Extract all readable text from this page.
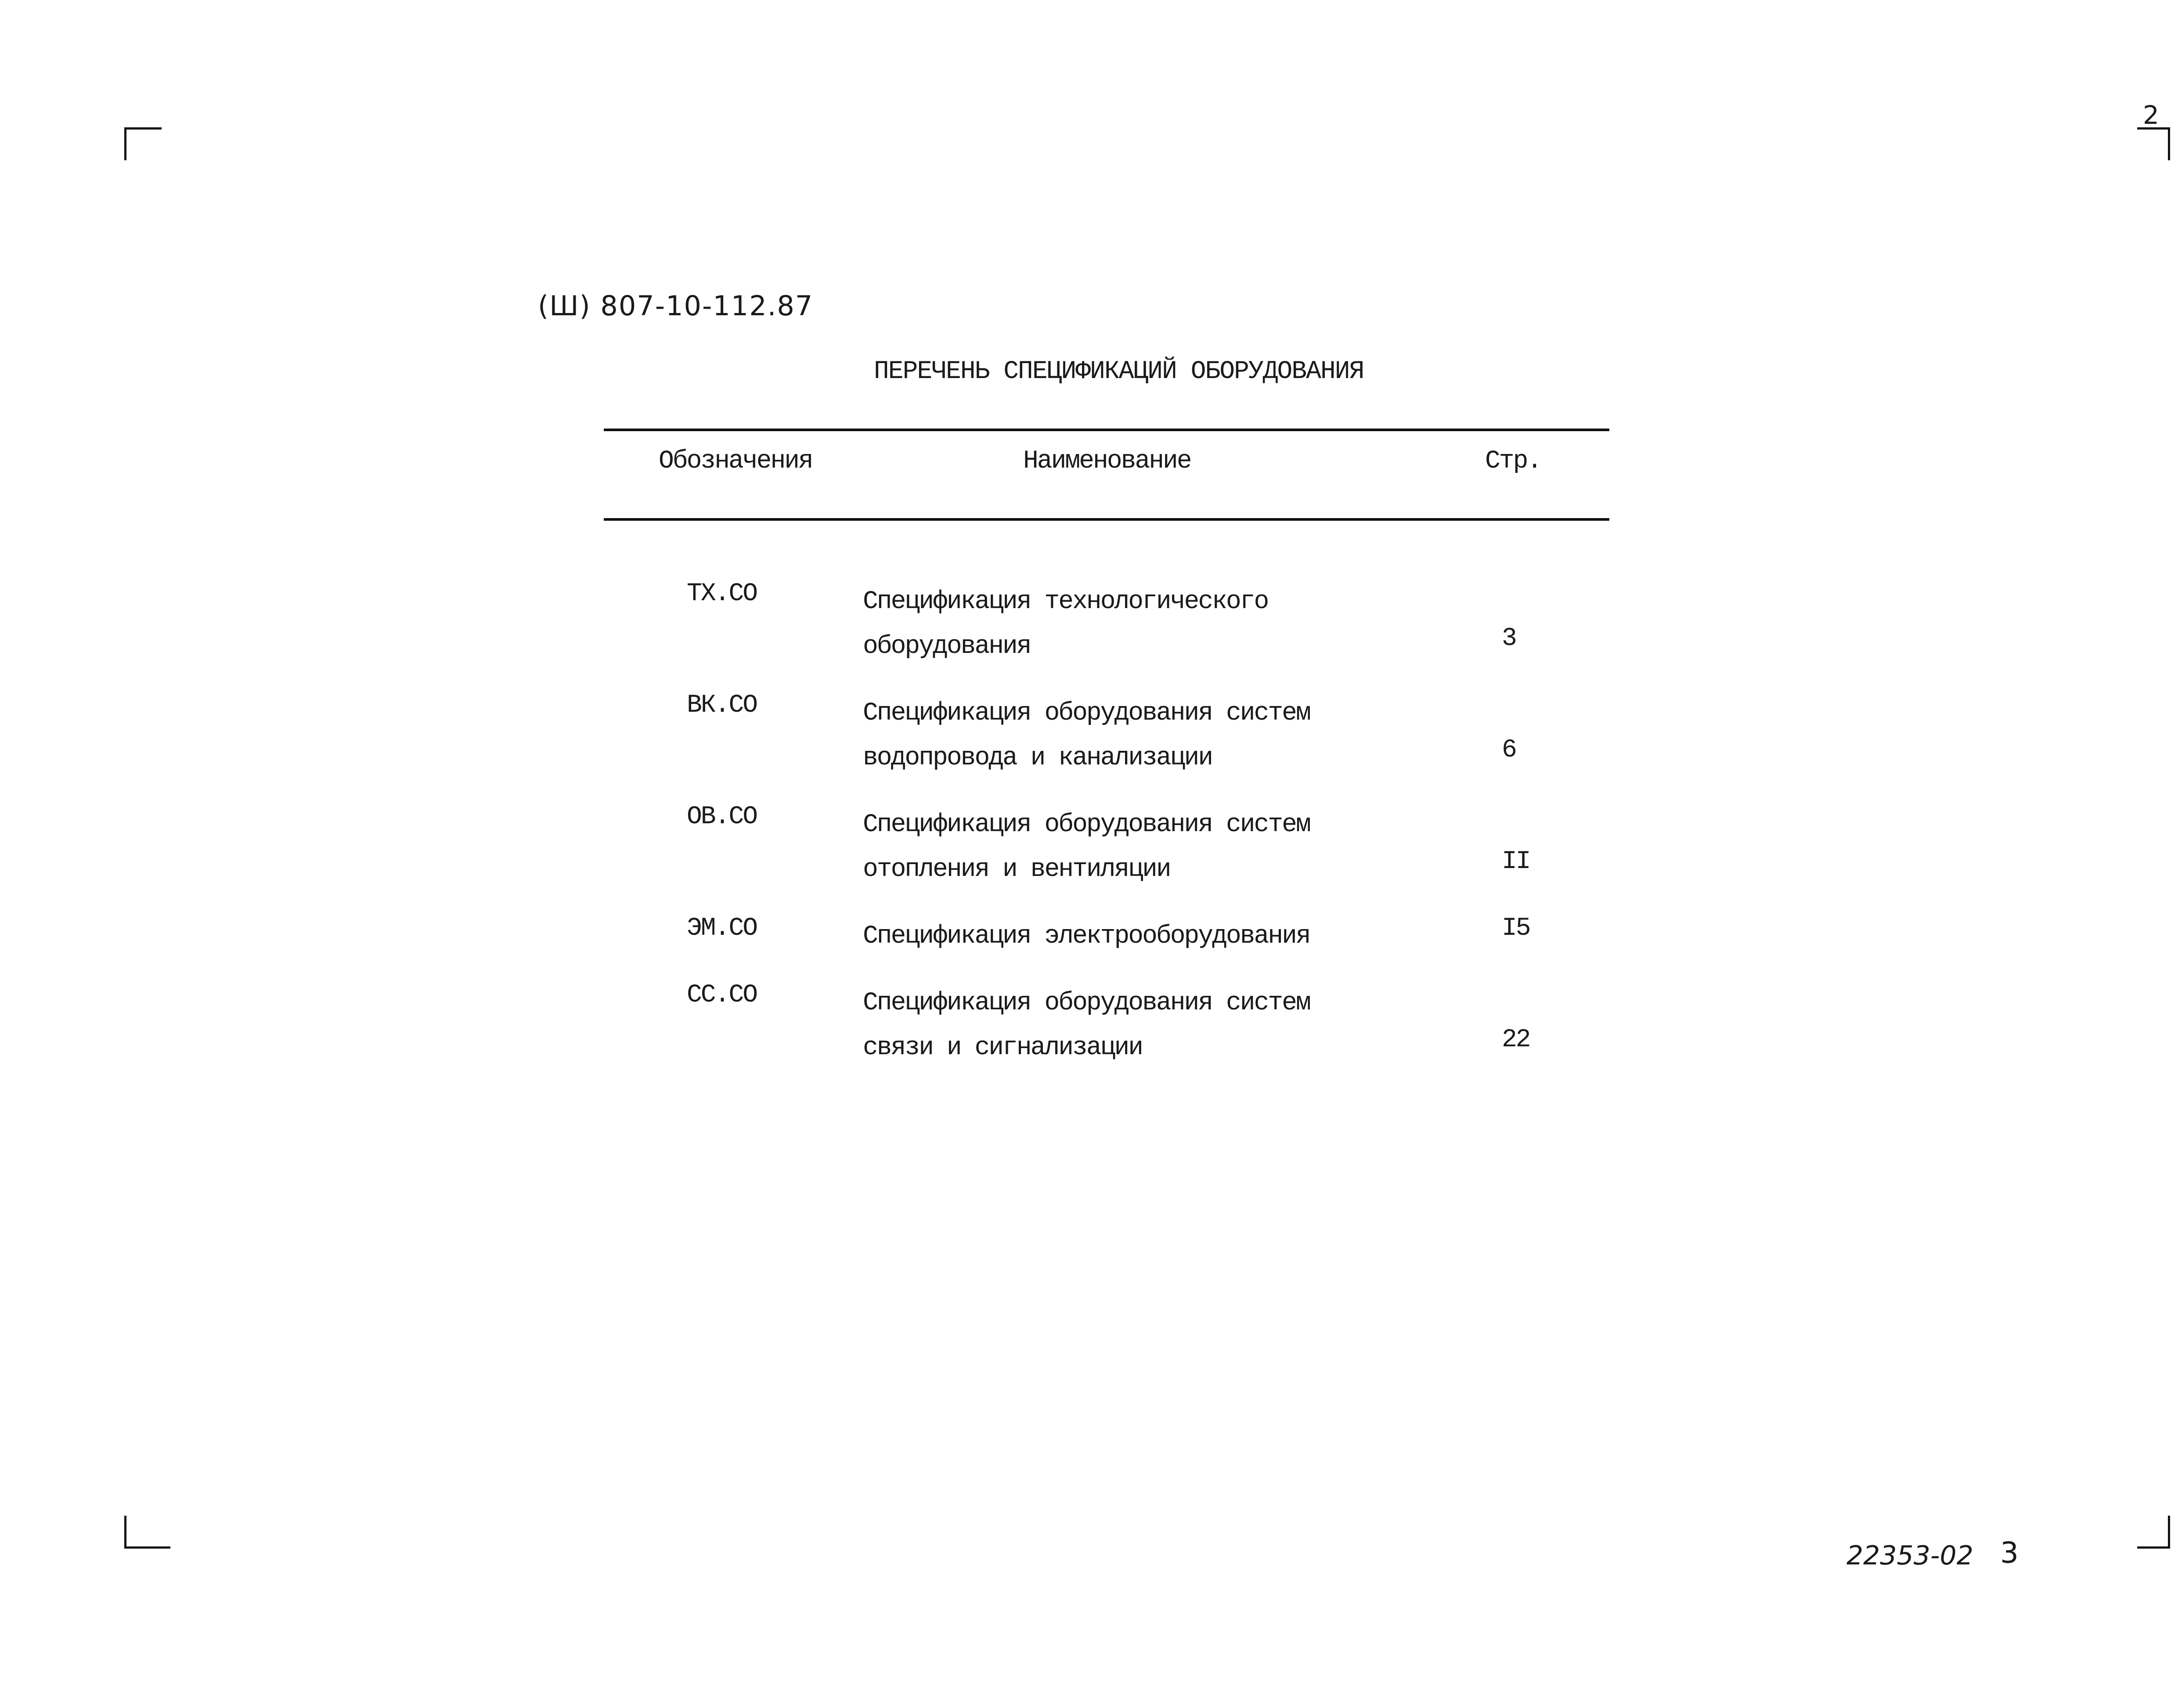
2
(Ш) 807-10-112.87
ПЕРЕЧЕНЬ СПЕЦИФИКАЦИЙ ОБОРУДОВАНИЯ
Обозначения	Наименование	Стр.
ТХ.СО	Спецификация технологического оборудования	3
ВК.СО	Спецификация оборудования систем водопровода и канализации	6
ОВ.СО	Спецификация оборудования систем отопления и вентиляции	II
ЭМ.СО	Спецификация электрооборудования	I5
СС.СО	Спецификация оборудования систем связи и сигнализации	22
22353-02 3
